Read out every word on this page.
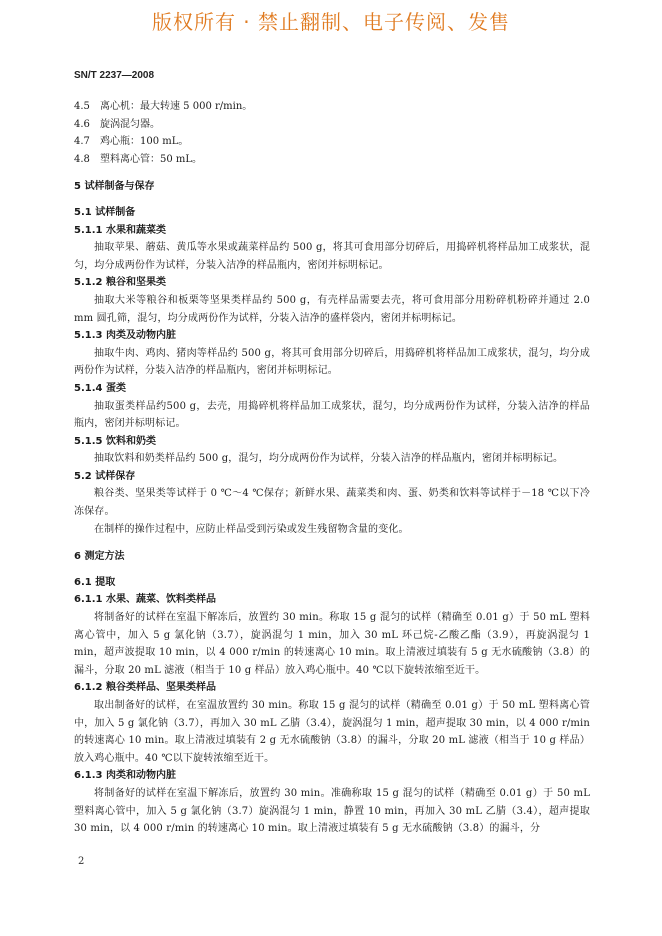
版权所有 · 禁止翻制、电子传阅、发售
SN/T 2237—2008
4.5 离心机：最大转速 5 000 r/min。
4.6 旋涡混匀器。
4.7 鸡心瓶：100 mL。
4.8 塑料离心管：50 mL。
5 试样制备与保存
5.1 试样制备
5.1.1 水果和蔬菜类
抽取苹果、蘑菇、黄瓜等水果或蔬菜样品约 500 g，将其可食用部分切碎后，用捣碎机将样品加工成浆状，混匀，均分成两份作为试样，分装入洁净的样品瓶内，密闭并标明标记。
5.1.2 粮谷和坚果类
抽取大米等粮谷和板栗等坚果类样品约 500 g，有壳样品需要去壳，将可食用部分用粉碎机粉碎并通过 2.0 mm 圆孔筛，混匀，均分成两份作为试样，分装入洁净的盛样袋内，密闭并标明标记。
5.1.3 肉类及动物内脏
抽取牛肉、鸡肉、猪肉等样品约 500 g，将其可食用部分切碎后，用捣碎机将样品加工成浆状，混匀，均分成两份作为试样，分装入洁净的样品瓶内，密闭并标明标记。
5.1.4 蛋类
抽取蛋类样品约500 g，去壳，用捣碎机将样品加工成浆状，混匀，均分成两份作为试样，分装入洁净的样品瓶内，密闭并标明标记。
5.1.5 饮料和奶类
抽取饮料和奶类样品约 500 g，混匀，均分成两份作为试样，分装入洁净的样品瓶内，密闭并标明标记。
5.2 试样保存
粮谷类、坚果类等试样于 0 ℃～4 ℃保存；新鲜水果、蔬菜类和肉、蛋、奶类和饮料等试样于－18 ℃以下冷冻保存。
在制样的操作过程中，应防止样品受到污染或发生残留物含量的变化。
6 测定方法
6.1 提取
6.1.1 水果、蔬菜、饮料类样品
将制备好的试样在室温下解冻后，放置约 30 min。称取 15 g 混匀的试样（精确至 0.01 g）于 50 mL 塑料离心管中，加入 5 g 氯化钠（3.7），旋涡混匀 1 min，加入 30 mL 环己烷-乙酸乙酯（3.9），再旋涡混匀 1 min，超声波提取 10 min，以 4 000 r/min 的转速离心 10 min。取上清液过填装有 5 g 无水硫酸钠（3.8）的漏斗，分取 20 mL 滤液（相当于 10 g 样品）放入鸡心瓶中。40 ℃以下旋转浓缩至近干。
6.1.2 粮谷类样品、坚果类样品
取出制备好的试样，在室温放置约 30 min。称取 15 g 混匀的试样（精确至 0.01 g）于 50 mL 塑料离心管中，加入 5 g 氯化钠（3.7），再加入 30 mL 乙腈（3.4），旋涡混匀 1 min，超声提取 30 min，以 4 000 r/min的转速离心 10 min。取上清液过填装有 2 g 无水硫酸钠（3.8）的漏斗，分取 20 mL 滤液（相当于 10 g 样品）放入鸡心瓶中。40 ℃以下旋转浓缩至近干。
6.1.3 肉类和动物内脏
将制备好的试样在室温下解冻后，放置约 30 min。准确称取 15 g 混匀的试样（精确至 0.01 g）于 50 mL 塑料离心管中，加入 5 g 氯化钠（3.7）旋涡混匀 1 min，静置 10 min，再加入 30 mL 乙腈（3.4），超声提取 30 min，以 4 000 r/min 的转速离心 10 min。取上清液过填装有 5 g 无水硫酸钠（3.8）的漏斗，分
2
